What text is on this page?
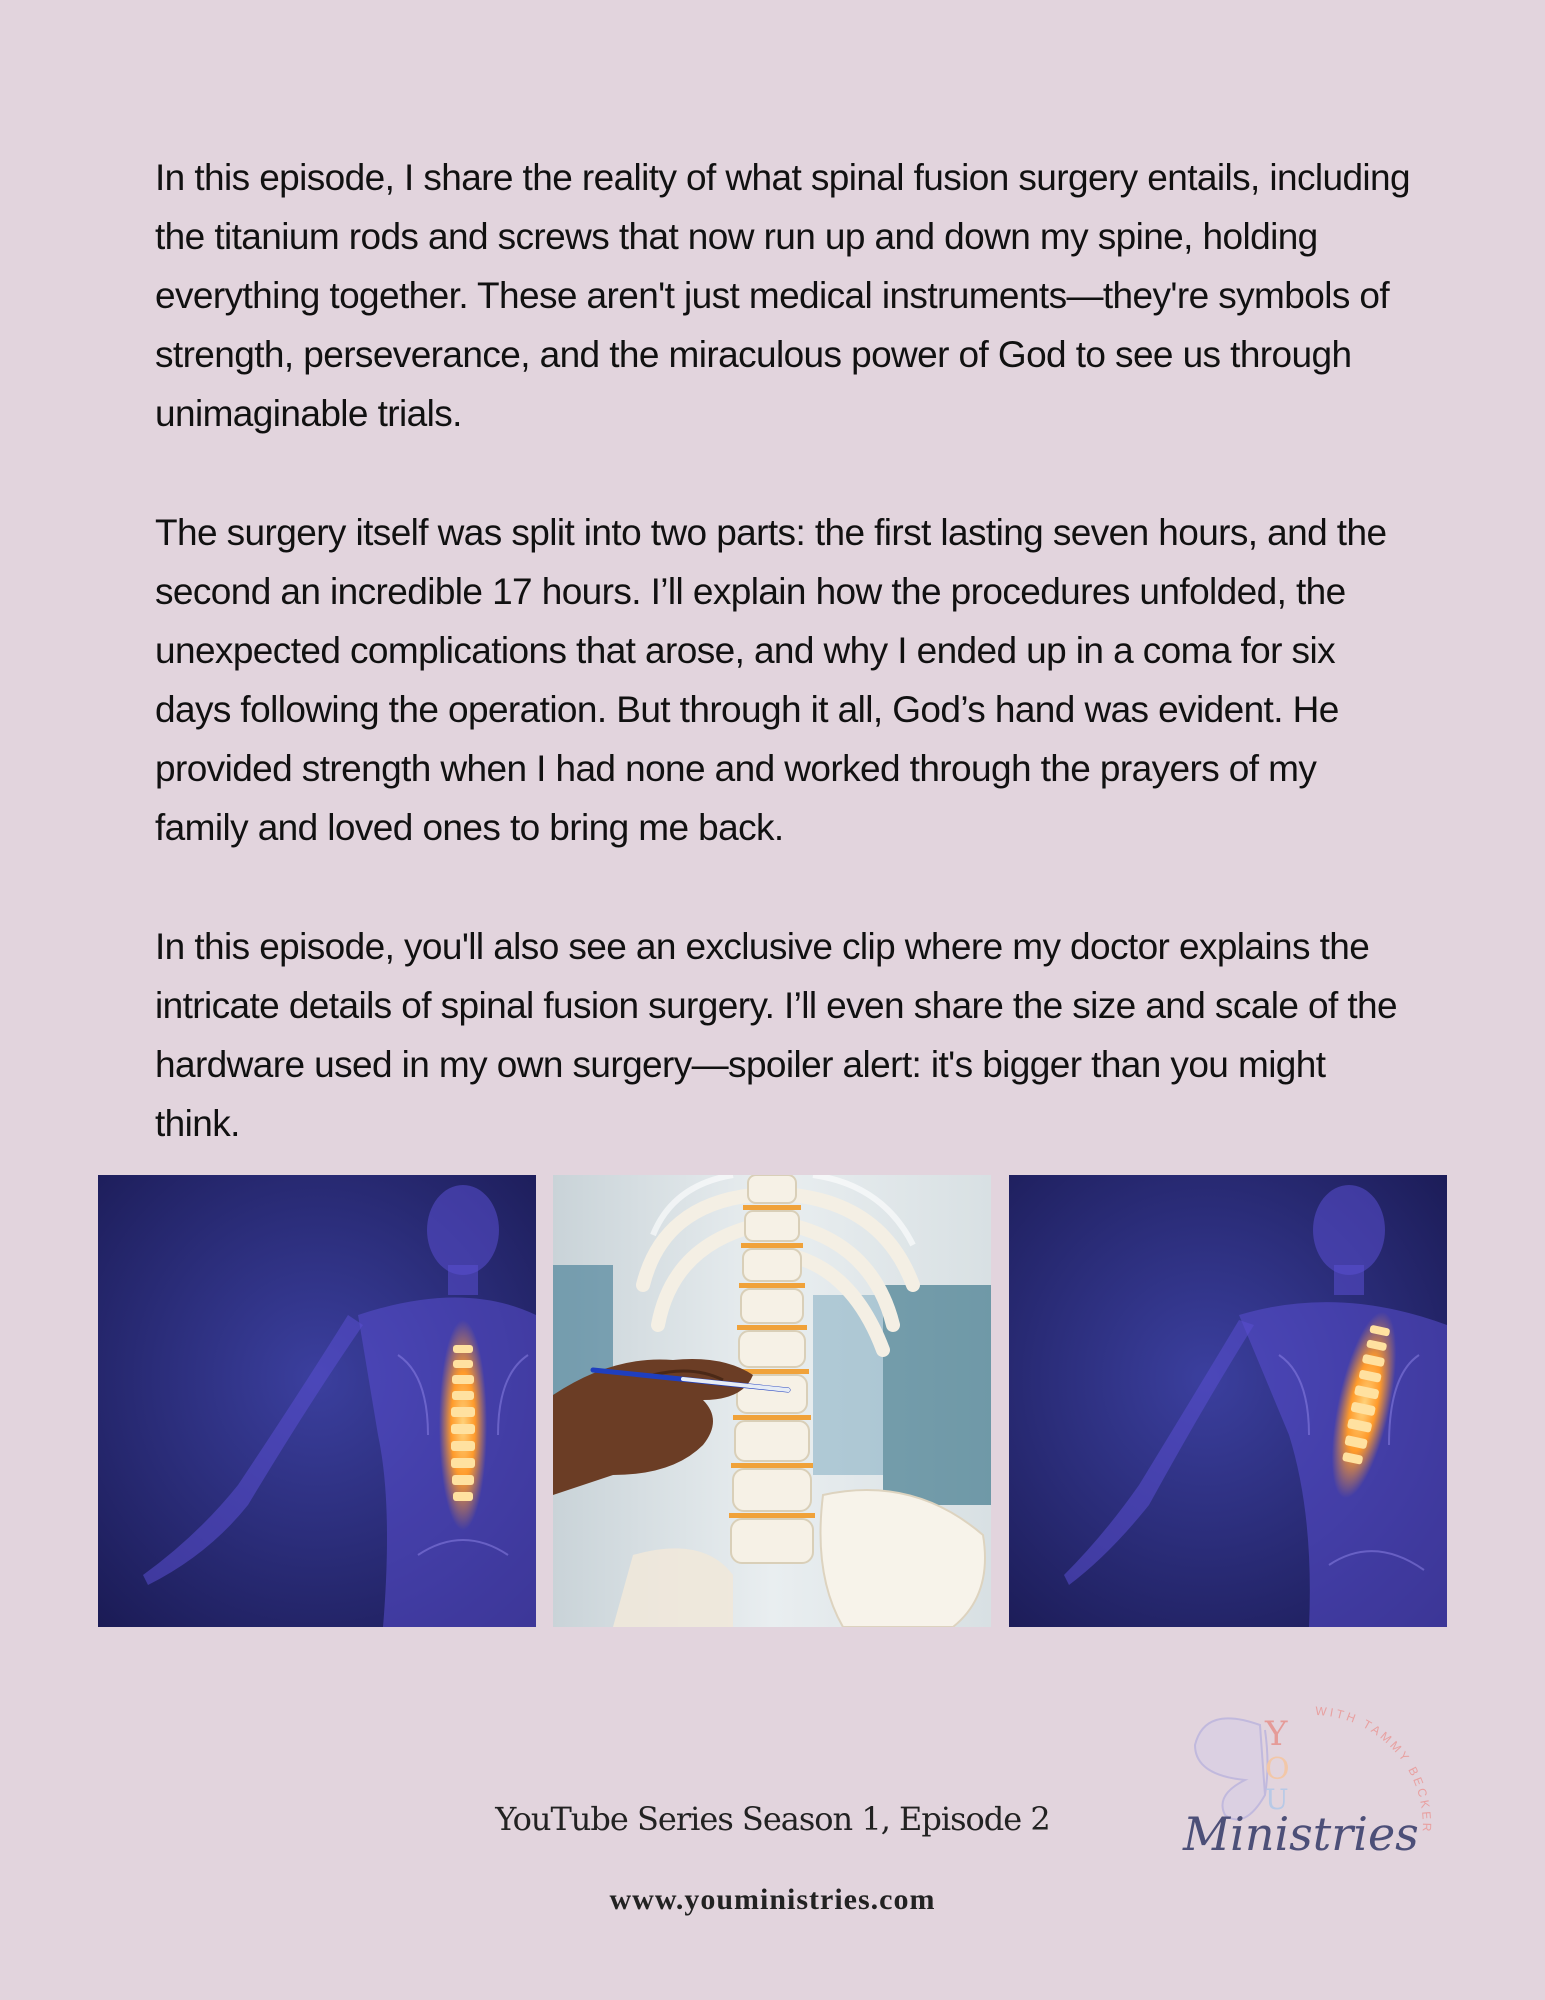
In this episode, I share the reality of what spinal fusion surgery entails, including the titanium rods and screws that now run up and down my spine, holding everything together. These aren't just medical instruments—they're symbols of strength, perseverance, and the miraculous power of God to see us through unimaginable trials.

The surgery itself was split into two parts: the first lasting seven hours, and the second an incredible 17 hours. I’ll explain how the procedures unfolded, the unexpected complications that arose, and why I ended up in a coma for six days following the operation. But through it all, God’s hand was evident. He provided strength when I had none and worked through the prayers of my family and loved ones to bring me back.

In this episode, you'll also see an exclusive clip where my doctor explains the intricate details of spinal fusion surgery. I’ll even share the size and scale of the hardware used in my own surgery—spoiler alert: it's bigger than you might think.

YouTube Series Season 1, Episode 2
www.youministries.com
Y
O
U
Ministries
WITH TAMMY BECKER
